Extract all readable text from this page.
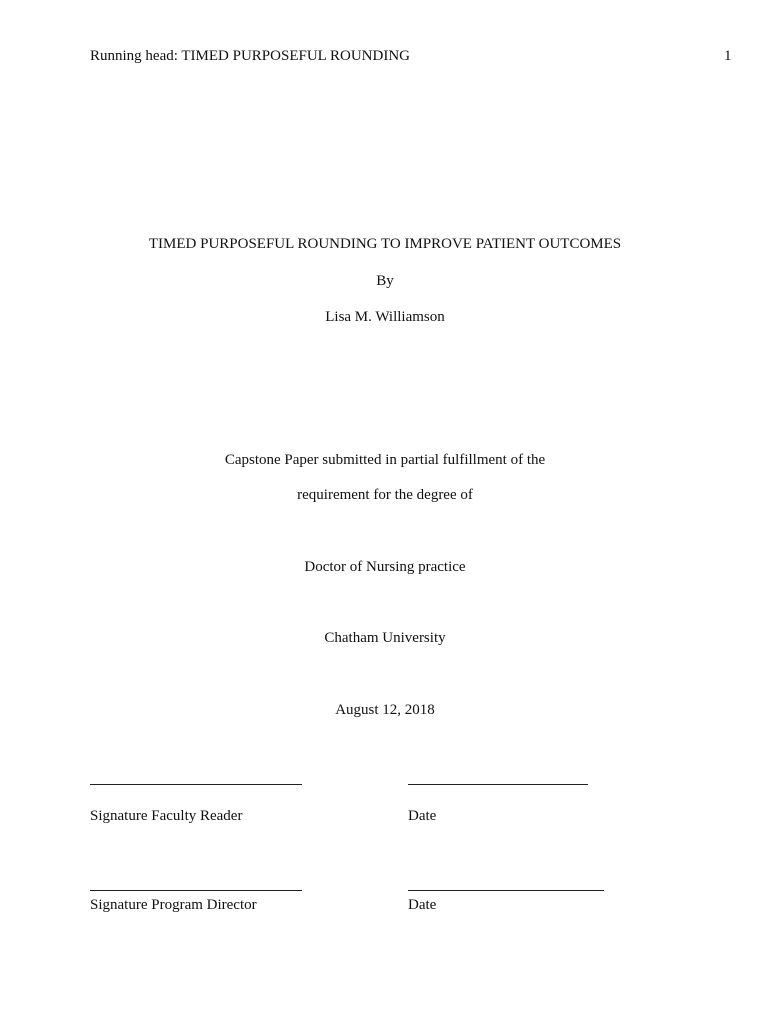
Running head: TIMED PURPOSEFUL ROUNDING	1
TIMED PURPOSEFUL ROUNDING TO IMPROVE PATIENT OUTCOMES
By
Lisa M. Williamson
Capstone Paper submitted in partial fulfillment of the
requirement for the degree of
Doctor of Nursing practice
Chatham University
August 12, 2018
Signature Faculty Reader	Date
Signature Program Director	Date
